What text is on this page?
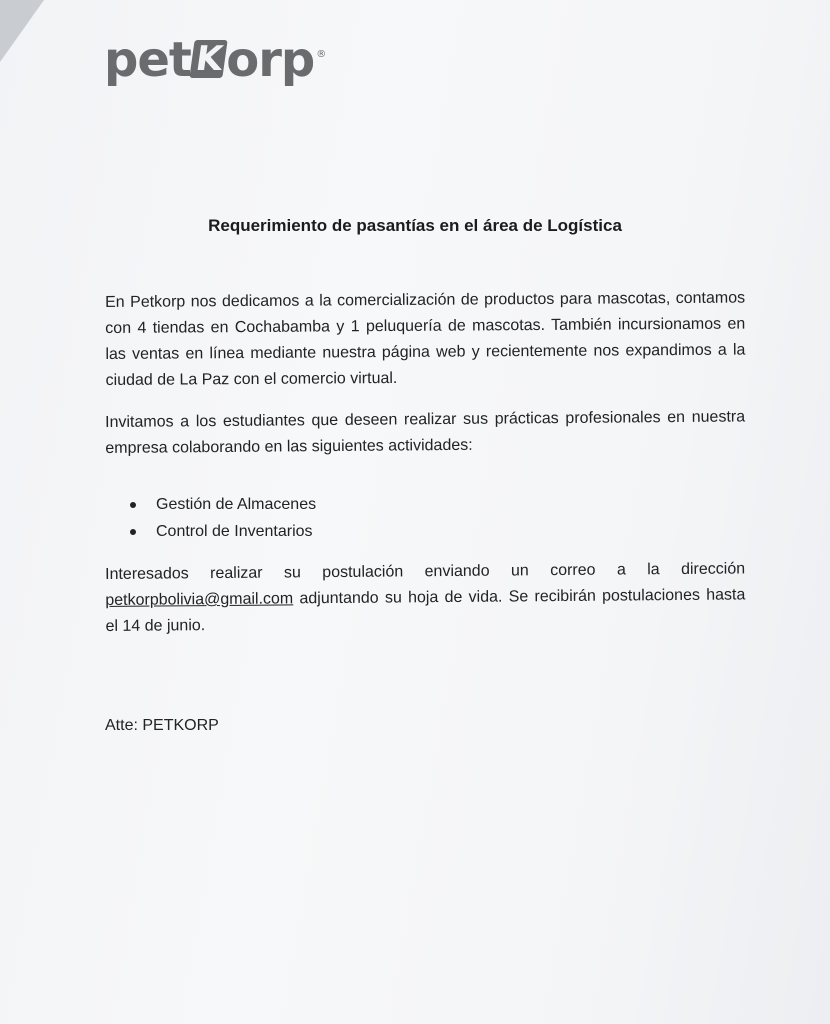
pet K orp ®
Requerimiento de pasantías en el área de Logística

En Petkorp nos dedicamos a la comercialización de productos para mascotas, contamos con 4 tiendas en Cochabamba y 1 peluquería de mascotas. También incursionamos en las ventas en línea mediante nuestra página web y recientemente nos expandimos a la ciudad de La Paz con el comercio virtual.

Invitamos a los estudiantes que deseen realizar sus prácticas profesionales en nuestra empresa colaborando en las siguientes actividades:

Gestión de Almacenes
Control de Inventarios

Interesados realizar su postulación enviando un correo a la dirección petkorpbolivia@gmail.com adjuntando su hoja de vida. Se recibirán postulaciones hasta el 14 de junio.

Atte: PETKORP
